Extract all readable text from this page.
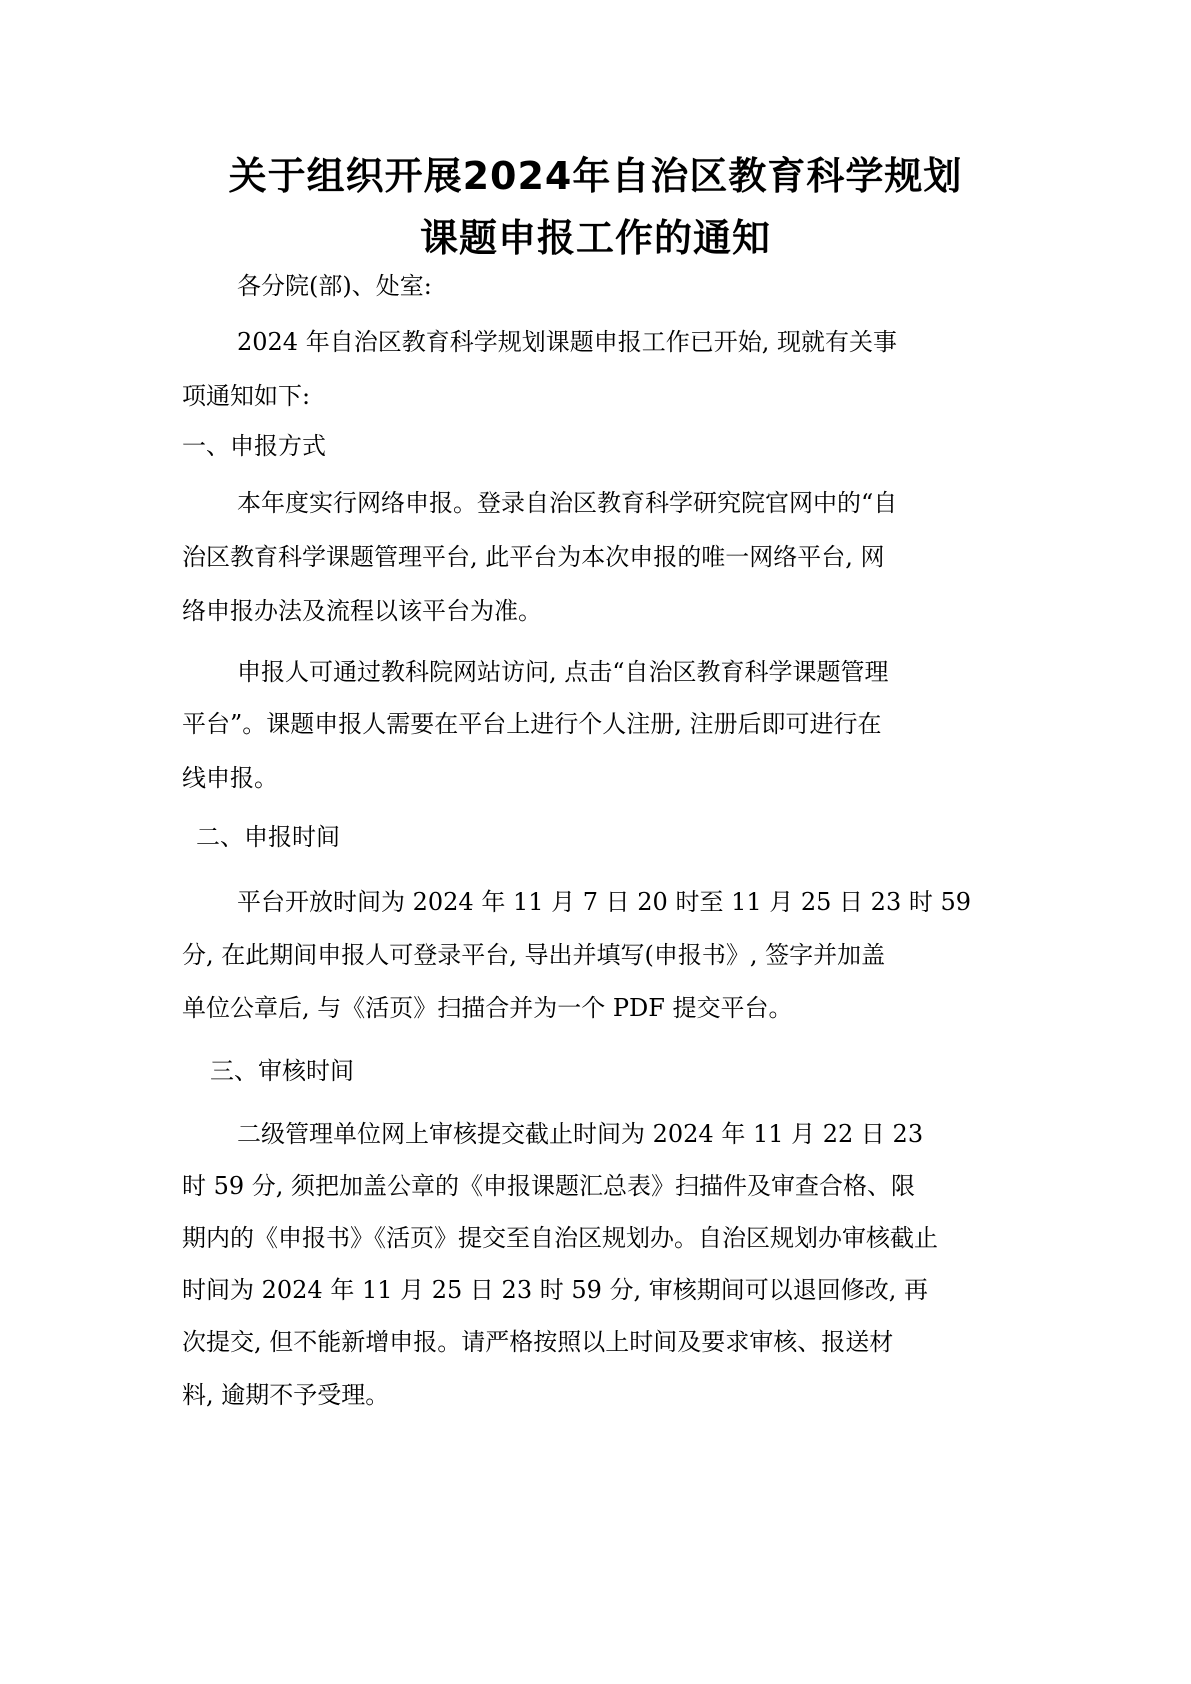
关于组织开展2024年自治区教育科学规划
课题申报工作的通知
各分院(部)、处室:
2024 年自治区教育科学规划课题申报工作已开始, 现就有关事
项通知如下:
一、申报方式
本年度实行网络申报。登录自治区教育科学研究院官网中的“自
治区教育科学课题管理平台, 此平台为本次申报的唯一网络平台, 网
络申报办法及流程以该平台为准。
申报人可通过教科院网站访问, 点击“自治区教育科学课题管理
平台”。课题申报人需要在平台上进行个人注册, 注册后即可进行在
线申报。
二、申报时间
平台开放时间为 2024 年 11 月 7 日 20 时至 11 月 25 日 23 时 59
分, 在此期间申报人可登录平台, 导出并填写(申报书》, 签字并加盖
单位公章后, 与《活页》扫描合并为一个 PDF 提交平台。
三、审核时间
二级管理单位网上审核提交截止时间为 2024 年 11 月 22 日 23
时 59 分, 须把加盖公章的《申报课题汇总表》扫描件及审查合格、限
期内的《申报书》《活页》提交至自治区规划办。自治区规划办审核截止
时间为 2024 年 11 月 25 日 23 时 59 分, 审核期间可以退回修改, 再
次提交, 但不能新增申报。请严格按照以上时间及要求审核、报送材
料, 逾期不予受理。
